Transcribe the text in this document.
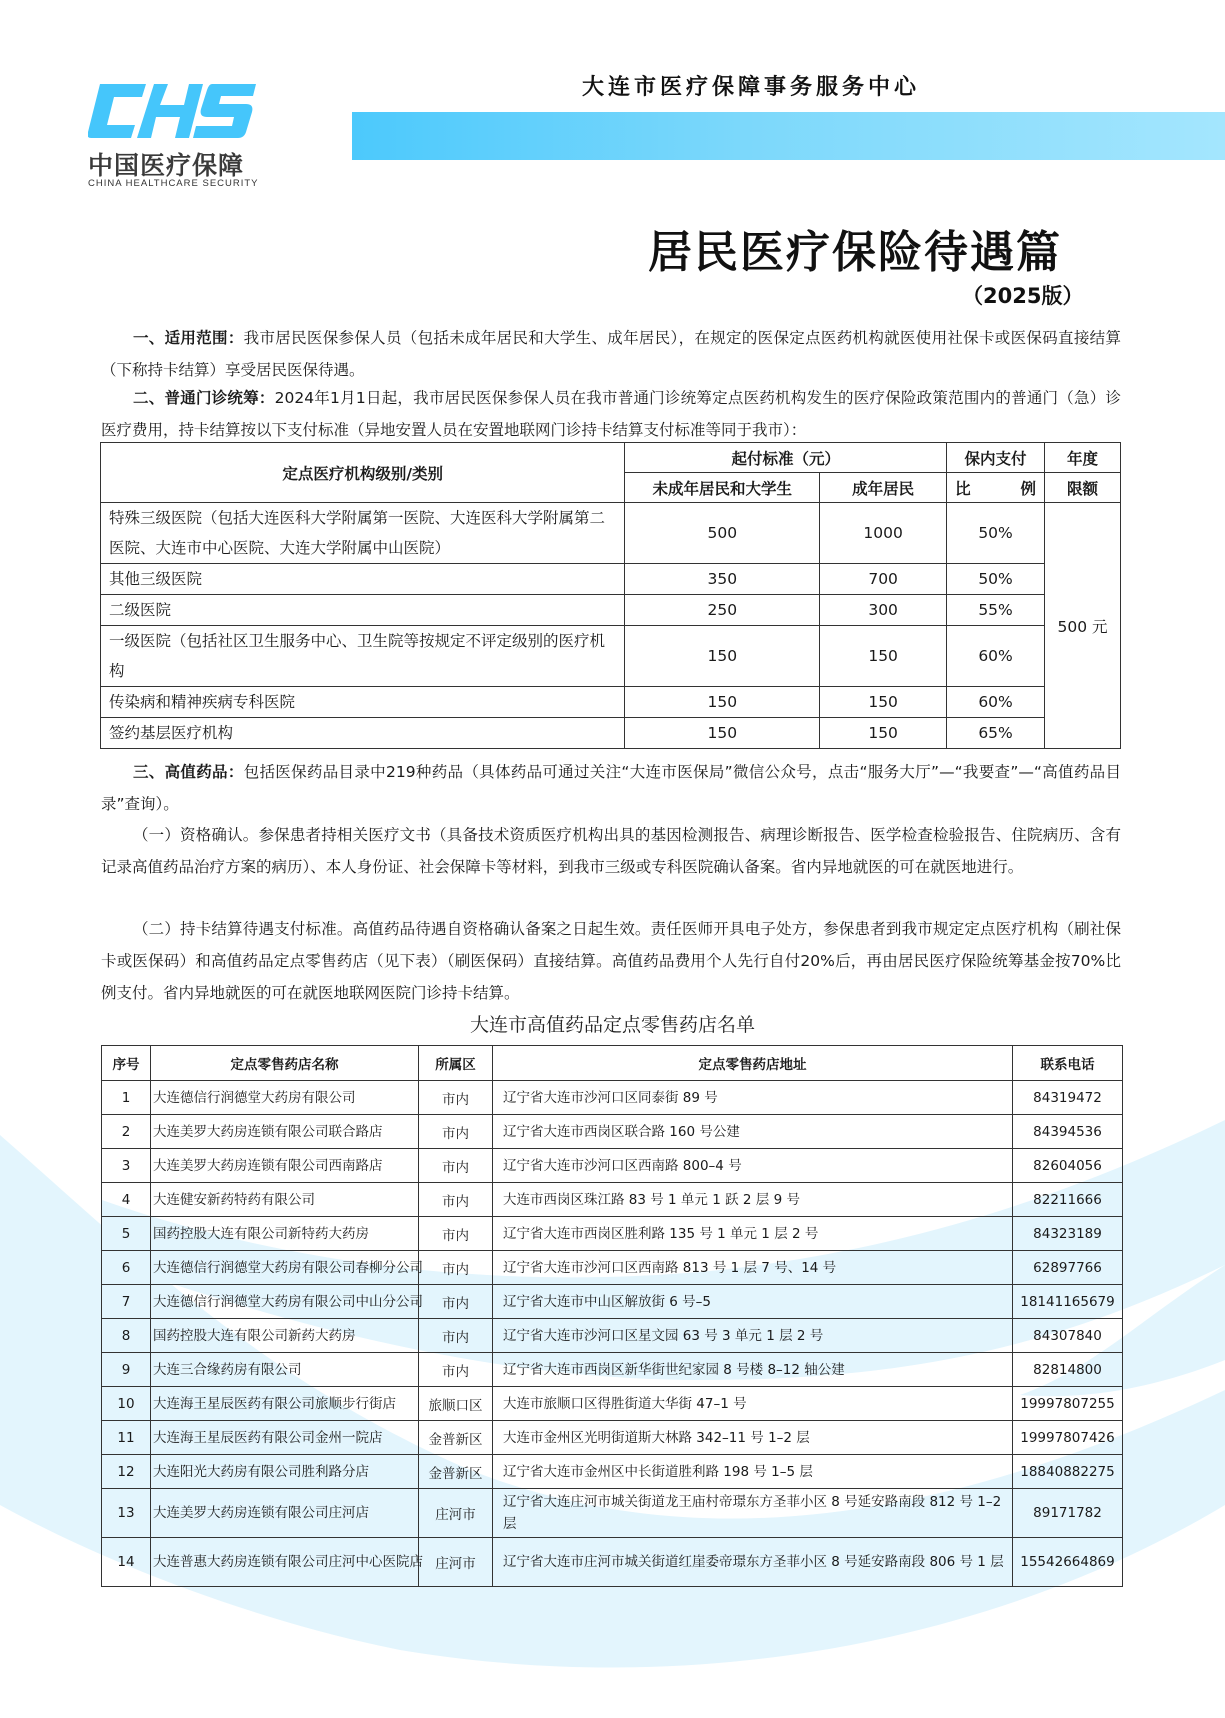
中国医疗保障
CHINA HEALTHCARE SECURITY
大连市医疗保障事务服务中心
居民医疗保险待遇篇
（2025版）
一、适用范围：我市居民医保参保人员（包括未成年居民和大学生、成年居民），在规定的医保定点医药机构就医使用社保卡或医保码直接结算（下称持卡结算）享受居民医保待遇。
二、普通门诊统筹：2024年1月1日起，我市居民医保参保人员在我市普通门诊统筹定点医药机构发生的医疗保险政策范围内的普通门（急）诊医疗费用，持卡结算按以下支付标准（异地安置人员在安置地联网门诊持卡结算支付标准等同于我市）：
定点医疗机构级别/类别	起付标准（元）		保内支付	年度
	未成年居民和大学生	成年居民	比 例	限额
特殊三级医院（包括大连医科大学附属第一医院、大连医科大学附属第二医院、大连市中心医院、大连大学附属中山医院）	500	1000	50%	500 元
其他三级医院	350	700	50%	
二级医院	250	300	55%	
一级医院（包括社区卫生服务中心、卫生院等按规定不评定级别的医疗机构	150	150	60%	
传染病和精神疾病专科医院	150	150	60%	
签约基层医疗机构	150	150	65%	
三、高值药品：包括医保药品目录中219种药品（具体药品可通过关注“大连市医保局”微信公众号，点击“服务大厅”—“我要查”—“高值药品目录”查询）。
（一）资格确认。参保患者持相关医疗文书（具备技术资质医疗机构出具的基因检测报告、病理诊断报告、医学检查检验报告、住院病历、含有记录高值药品治疗方案的病历）、本人身份证、社会保障卡等材料，到我市三级或专科医院确认备案。省内异地就医的可在就医地进行。
（二）持卡结算待遇支付标准。高值药品待遇自资格确认备案之日起生效。责任医师开具电子处方，参保患者到我市规定定点医疗机构（刷社保卡或医保码）和高值药品定点零售药店（见下表）（刷医保码）直接结算。高值药品费用个人先行自付20%后，再由居民医疗保险统筹基金按70%比例支付。省内异地就医的可在就医地联网医院门诊持卡结算。
大连市高值药品定点零售药店名单
序号	定点零售药店名称	所属区	定点零售药店地址	联系电话
1	大连德信行润德堂大药房有限公司	市内	辽宁省大连市沙河口区同泰街 89 号	84319472
2	大连美罗大药房连锁有限公司联合路店	市内	辽宁省大连市西岗区联合路 160 号公建	84394536
3	大连美罗大药房连锁有限公司西南路店	市内	辽宁省大连市沙河口区西南路 800–4 号	82604056
4	大连健安新药特药有限公司	市内	大连市西岗区珠江路 83 号 1 单元 1 跃 2 层 9 号	82211666
5	国药控股大连有限公司新特药大药房	市内	辽宁省大连市西岗区胜利路 135 号 1 单元 1 层 2 号	84323189
6	大连德信行润德堂大药房有限公司春柳分公司	市内	辽宁省大连市沙河口区西南路 813 号 1 层 7 号、14 号	62897766
7	大连德信行润德堂大药房有限公司中山分公司	市内	辽宁省大连市中山区解放街 6 号–5	18141165679
8	国药控股大连有限公司新药大药房	市内	辽宁省大连市沙河口区星文园 63 号 3 单元 1 层 2 号	84307840
9	大连三合缘药房有限公司	市内	辽宁省大连市西岗区新华街世纪家园 8 号楼 8–12 轴公建	82814800
10	大连海王星辰医药有限公司旅顺步行街店	旅顺口区	大连市旅顺口区得胜街道大华街 47–1 号	19997807255
11	大连海王星辰医药有限公司金州一院店	金普新区	大连市金州区光明街道斯大林路 342–11 号 1–2 层	19997807426
12	大连阳光大药房有限公司胜利路分店	金普新区	辽宁省大连市金州区中长街道胜利路 198 号 1–5 层	18840882275
13	大连美罗大药房连锁有限公司庄河店	庄河市	辽宁省大连庄河市城关街道龙王庙村帝璟东方圣菲小区 8 号延安路南段 812 号 1–2 层	89171782
14	大连普惠大药房连锁有限公司庄河中心医院店	庄河市	辽宁省大连市庄河市城关街道红崖委帝璟东方圣菲小区 8 号延安路南段 806 号 1 层	15542664869
